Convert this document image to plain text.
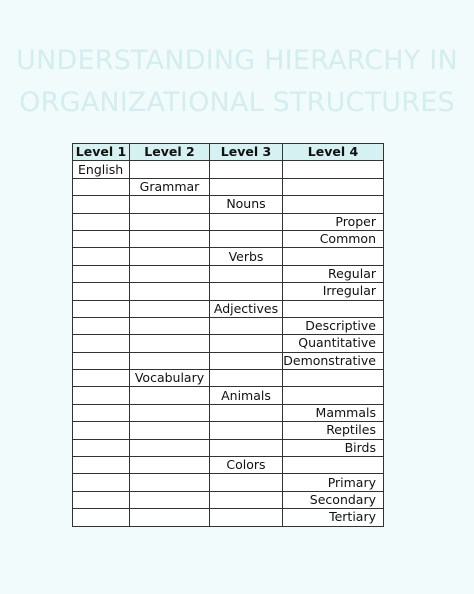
UNDERSTANDING HIERARCHY IN
ORGANIZATIONAL STRUCTURES
Level 1	Level 2	Level 3	Level 4
English			
	Grammar		
		Nouns	
			Proper
			Common
		Verbs	
			Regular
			Irregular
		Adjectives	
			Descriptive
			Quantitative
			Demonstrative
	Vocabulary		
		Animals	
			Mammals
			Reptiles
			Birds
		Colors	
			Primary
			Secondary
			Tertiary
